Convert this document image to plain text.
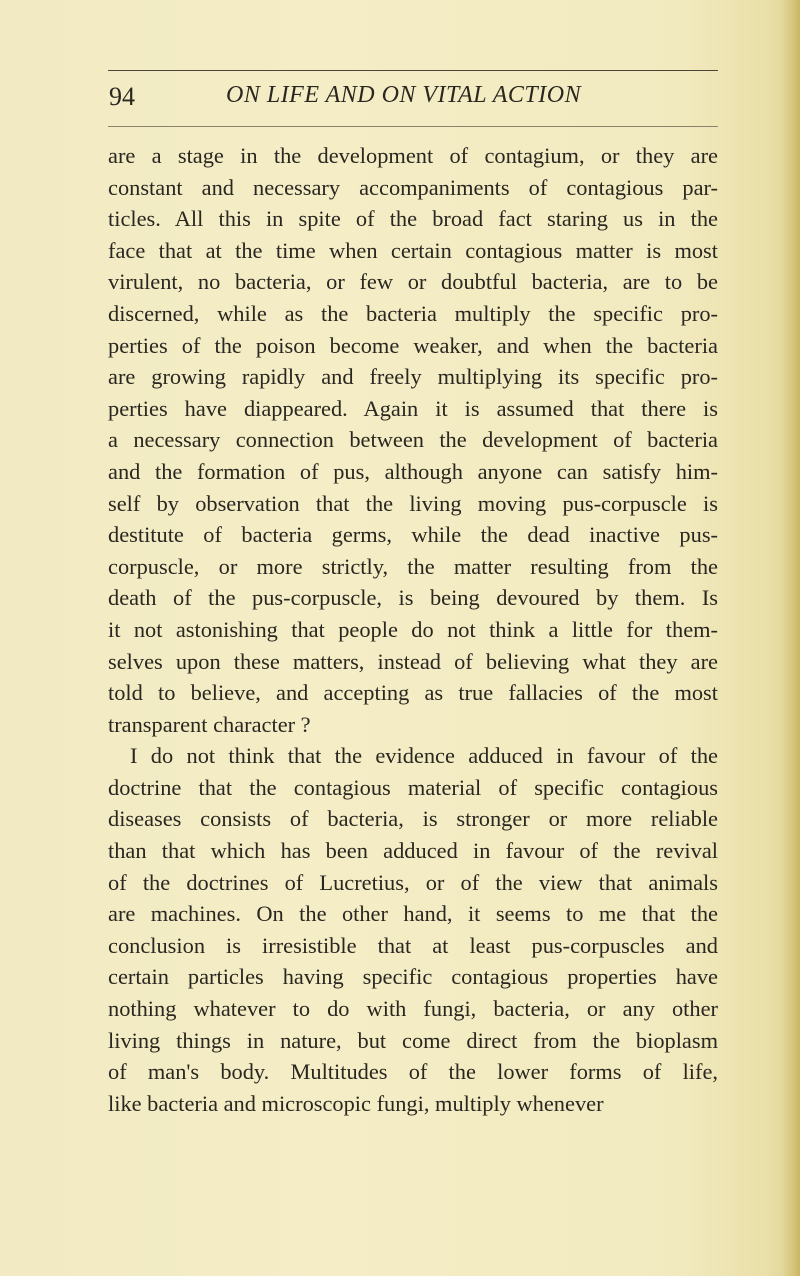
94	ON LIFE AND ON VITAL ACTION
are a stage in the development of contagium, or they are
constant and necessary accompaniments of contagious par-
ticles. All this in spite of the broad fact staring us in the
face that at the time when certain contagious matter is most
virulent, no bacteria, or few or doubtful bacteria, are to be
discerned, while as the bacteria multiply the specific pro-
perties of the poison become weaker, and when the bacteria
are growing rapidly and freely multiplying its specific pro-
perties have diappeared. Again it is assumed that there is
a necessary connection between the development of bacteria
and the formation of pus, although anyone can satisfy him-
self by observation that the living moving pus-corpuscle is
destitute of bacteria germs, while the dead inactive pus-
corpuscle, or more strictly, the matter resulting from the
death of the pus-corpuscle, is being devoured by them. Is
it not astonishing that people do not think a little for them-
selves upon these matters, instead of believing what they are
told to believe, and accepting as true fallacies of the most
transparent character ?
I do not think that the evidence adduced in favour of the
doctrine that the contagious material of specific contagious
diseases consists of bacteria, is stronger or more reliable
than that which has been adduced in favour of the revival
of the doctrines of Lucretius, or of the view that animals
are machines. On the other hand, it seems to me that the
conclusion is irresistible that at least pus-corpuscles and
certain particles having specific contagious properties have
nothing whatever to do with fungi, bacteria, or any other
living things in nature, but come direct from the bioplasm
of man's body. Multitudes of the lower forms of life,
like bacteria and microscopic fungi, multiply whenever
